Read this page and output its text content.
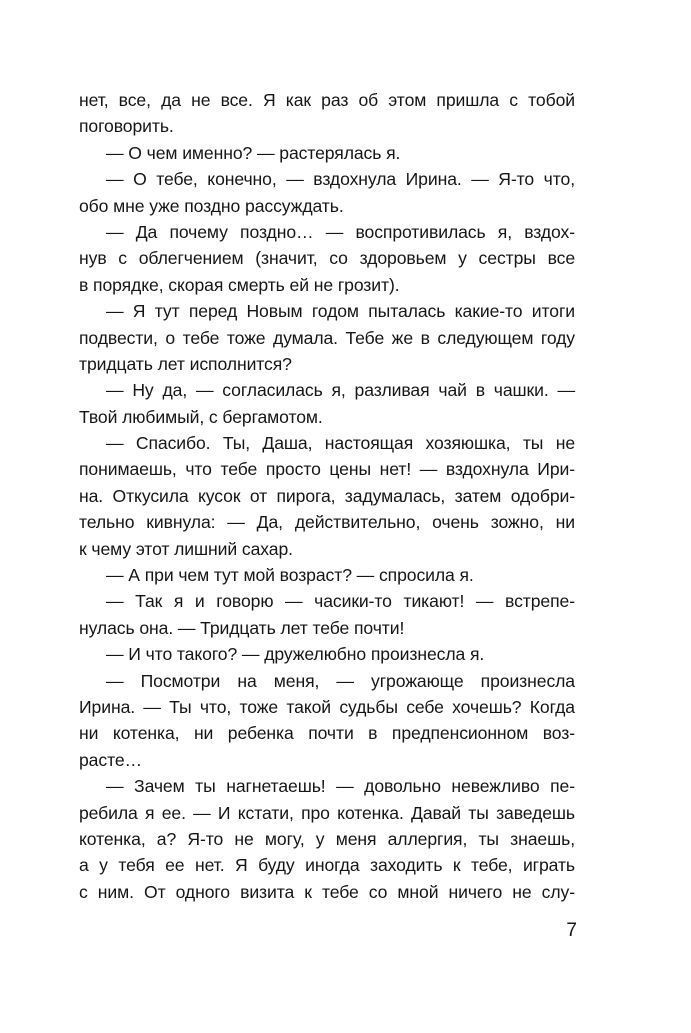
нет, все, да не все. Я как раз об этом пришла с тобой
поговорить.
— О чем именно? — растерялась я.
— О тебе, конечно, — вздохнула Ирина. — Я-то что,
обо мне уже поздно рассуждать.
— Да почему поздно… — воспротивилась я, вздох-
нув с облегчением (значит, со здоровьем у сестры все
в порядке, скорая смерть ей не грозит).
— Я тут перед Новым годом пыталась какие-то итоги
подвести, о тебе тоже думала. Тебе же в следующем году
тридцать лет исполнится?
— Ну да, — согласилась я, разливая чай в чашки. —
Твой любимый, с бергамотом.
— Спасибо. Ты, Даша, настоящая хозяюшка, ты не
понимаешь, что тебе просто цены нет! — вздохнула Ири-
на. Откусила кусок от пирога, задумалась, затем одобри-
тельно кивнула: — Да, действительно, очень зожно, ни
к чему этот лишний сахар.
— А при чем тут мой возраст? — спросила я.
— Так я и говорю — часики-то тикают! — встрепе-
нулась она. — Тридцать лет тебе почти!
— И что такого? — дружелюбно произнесла я.
— Посмотри на меня, — угрожающе произнесла
Ирина. — Ты что, тоже такой судьбы себе хочешь? Когда
ни котенка, ни ребенка почти в предпенсионном воз-
расте…
— Зачем ты нагнетаешь! — довольно невежливо пе-
ребила я ее. — И кстати, про котенка. Давай ты заведешь
котенка, а? Я-то не могу, у меня аллергия, ты знаешь,
а у тебя ее нет. Я буду иногда заходить к тебе, играть
с ним. От одного визита к тебе со мной ничего не слу-
7
